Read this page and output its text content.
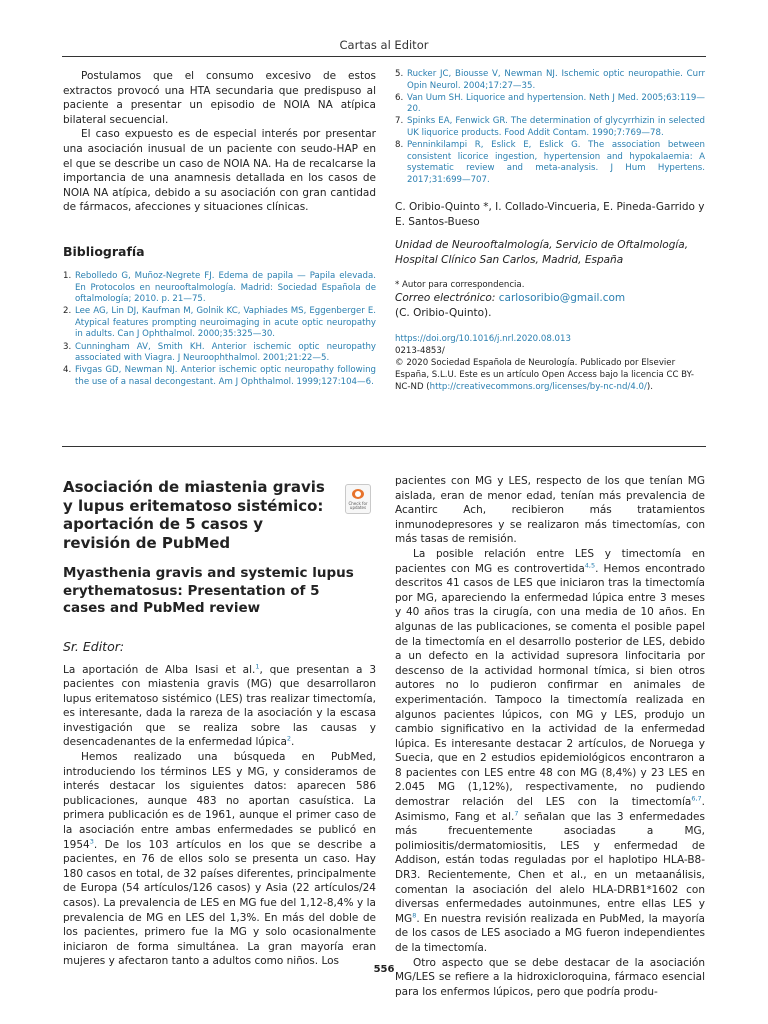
Cartas al Editor

Postulamos que el consumo excesivo de estos extractos provocó una HTA secundaria que predispuso al paciente a presentar un episodio de NOIA NA atípica bilateral secuencial.

El caso expuesto es de especial interés por presentar una asociación inusual de un paciente con seudo-HAP en el que se describe un caso de NOIA NA. Ha de recalcarse la importancia de una anamnesis detallada en los casos de NOIA NA atípica, debido a su asociación con gran cantidad de fármacos, afecciones y situaciones clínicas.

Bibliografía
1. Rebolledo G, Muñoz-Negrete FJ. Edema de papila — Papila elevada. En Protocolos en neurooftalmología. Madrid: Sociedad Española de oftalmología; 2010. p. 21—75.
2. Lee AG, Lin DJ, Kaufman M, Golnik KC, Vaphiades MS, Eggenberger E. Atypical features prompting neuroimaging in acute optic neuropathy in adults. Can J Ophthalmol. 2000;35:325—30.
3. Cunningham AV, Smith KH. Anterior ischemic optic neuropathy associated with Viagra. J Neuroophthalmol. 2001;21:22—5.
4. Fivgas GD, Newman NJ. Anterior ischemic optic neuropathy following the use of a nasal decongestant. Am J Ophthalmol. 1999;127:104—6.
5. Rucker JC, Biousse V, Newman NJ. Ischemic optic neuropathie. Curr Opin Neurol. 2004;17:27—35.
6. Van Uum SH. Liquorice and hypertension. Neth J Med. 2005;63:119—20.
7. Spinks EA, Fenwick GR. The determination of glycyrrhizin in selected UK liquorice products. Food Addit Contam. 1990;7:769—78.
8. Penninkilampi R, Eslick E, Eslick G. The association between consistent licorice ingestion, hypertension and hypokalaemia: A systematic review and meta-analysis. J Hum Hypertens. 2017;31:699—707.

C. Oribio-Quinto *, I. Collado-Vincueria, E. Pineda-Garrido y E. Santos-Bueso

Unidad de Neurooftalmología, Servicio de Oftalmología, Hospital Clínico San Carlos, Madrid, España

* Autor para correspondencia.

Correo electrónico: carlosoribio@gmail.com

(C. Oribio-Quinto).

https://doi.org/10.1016/j.nrl.2020.08.013

0213-4853/

© 2020 Sociedad Española de Neurología. Publicado por Elsevier España, S.L.U. Este es un artículo Open Access bajo la licencia CC BY-NC-ND (http://creativecommons.org/licenses/by-nc-nd/4.0/).

Asociación de miastenia gravis y lupus eritematoso sistémico: aportación de 5 casos y revisión de PubMed
Myasthenia gravis and systemic lupus erythematosus: Presentation of 5 cases and PubMed review
Sr. Editor:

La aportación de Alba Isasi et al.$^1$, que presentan a 3 pacientes con miastenia gravis (MG) que desarrollaron lupus eritematoso sistémico (LES) tras realizar timectomía, es interesante, dada la rareza de la asociación y la escasa investigación que se realiza sobre las causas y desencadenantes de la enfermedad lúpica$^2$.

Hemos realizado una búsqueda en PubMed, introduciendo los términos LES y MG, y consideramos de interés destacar los siguientes datos: aparecen 586 publicaciones, aunque 483 no aportan casuística. La primera publicación es de 1961, aunque el primer caso de la asociación entre ambas enfermedades se publicó en 1954$^3$. De los 103 artículos en los que se describe a pacientes, en 76 de ellos solo se presenta un caso. Hay 180 casos en total, de 32 países diferentes, principalmente de Europa (54 artículos/126 casos) y Asia (22 artículos/24 casos). La prevalencia de LES en MG fue del 1,12-8,4% y la prevalencia de MG en LES del 1,3%. En más del doble de los pacientes, primero fue la MG y solo ocasionalmente iniciaron de forma simultánea. La gran mayoría eran mujeres y afectaron tanto a adultos como niños. Los

Check for updates

pacientes con MG y LES, respecto de los que tenían MG aislada, eran de menor edad, tenían más prevalencia de Acantirc Ach, recibieron más tratamientos inmunodepresores y se realizaron más timectomías, con más tasas de remisión.

La posible relación entre LES y timectomía en pacientes con MG es controvertida$^{4,5}$. Hemos encontrado descritos 41 casos de LES que iniciaron tras la timectomía por MG, apareciendo la enfermedad lúpica entre 3 meses y 40 años tras la cirugía, con una media de 10 años. En algunas de las publicaciones, se comenta el posible papel de la timectomía en el desarrollo posterior de LES, debido a un defecto en la actividad supresora linfocitaria por descenso de la actividad hormonal tímica, si bien otros autores no lo pudieron confirmar en animales de experimentación. Tampoco la timectomía realizada en algunos pacientes lúpicos, con MG y LES, produjo un cambio significativo en la actividad de la enfermedad lúpica. Es interesante destacar 2 artículos, de Noruega y Suecia, que en 2 estudios epidemiológicos encontraron a 8 pacientes con LES entre 48 con MG (8,4%) y 23 LES en 2.045 MG (1,12%), respectivamente, no pudiendo demostrar relación del LES con la timectomía$^{6,7}$. Asimismo, Fang et al.$^7$ señalan que las 3 enfermedades más frecuentemente asociadas a MG, polimiositis/dermatomiositis, LES y enfermedad de Addison, están todas reguladas por el haplotipo HLA-B8-DR3. Recientemente, Chen et al., en un metaanálisis, comentan la asociación del alelo HLA-DRB1*1602 con diversas enfermedades autoinmunes, entre ellas LES y $MG^8$. En nuestra revisión realizada en PubMed, la mayoría de los casos de LES asociado a MG fueron independientes de la timectomía.

Otro aspecto que se debe destacar de la asociación MG/LES se refiere a la hidroxicloroquina, fármaco esencial para los enfermos lúpicos, pero que podría produ-

556
